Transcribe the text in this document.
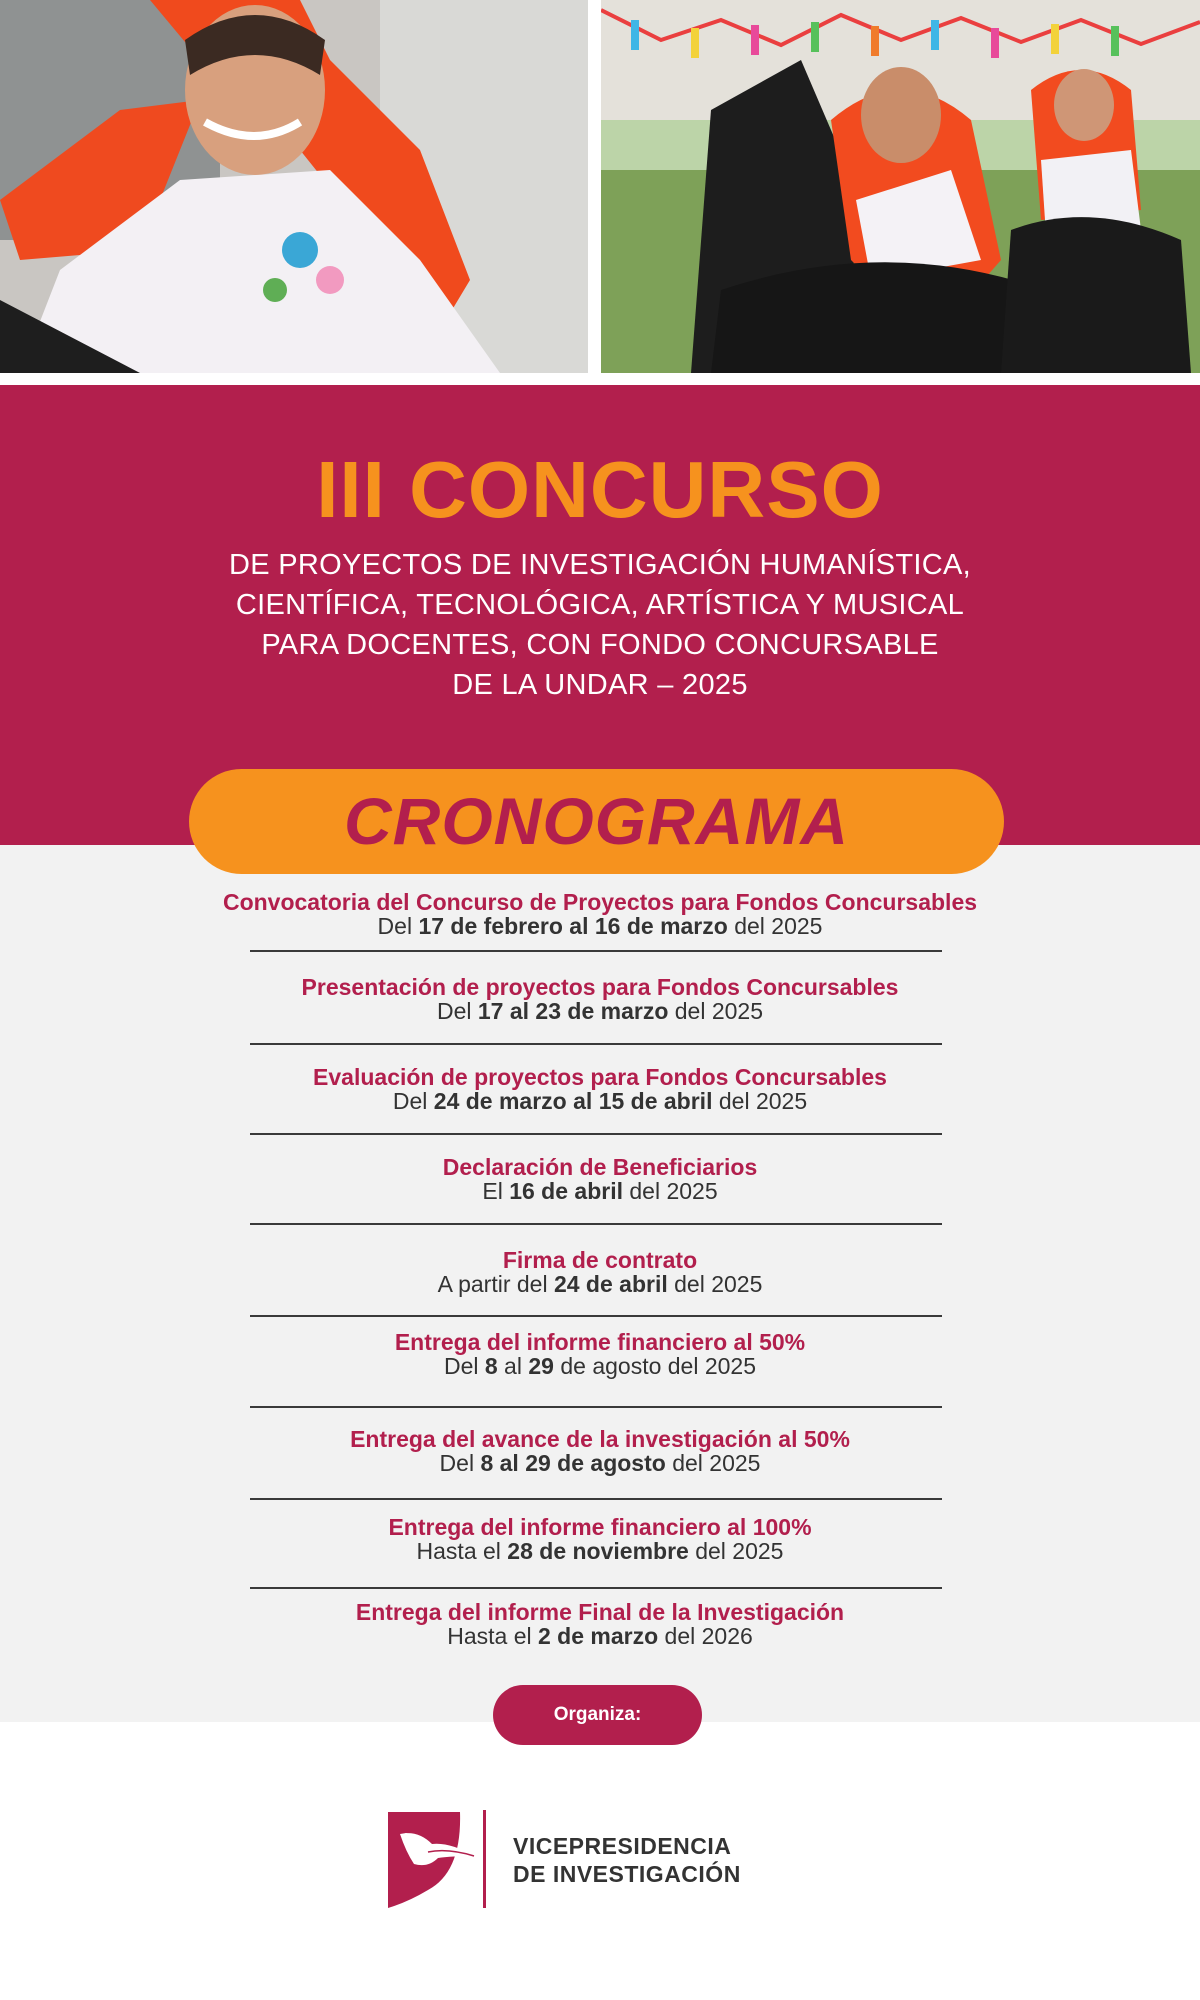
III CONCURSO
DE PROYECTOS DE INVESTIGACIÓN HUMANÍSTICA,
CIENTÍFICA, TECNOLÓGICA, ARTÍSTICA Y MUSICAL
PARA DOCENTES, CON FONDO CONCURSABLE
DE LA UNDAR – 2025
CRONOGRAMA
Convocatoria del Concurso de Proyectos para Fondos Concursables
Del 17 de febrero al 16 de marzo del 2025
Presentación de proyectos para Fondos Concursables
Del 17 al 23 de marzo del 2025
Evaluación de proyectos para Fondos Concursables
Del 24 de marzo al 15 de abril del 2025
Declaración de Beneficiarios
El 16 de abril del 2025
Firma de contrato
A partir del 24 de abril del 2025
Entrega del informe financiero al 50%
Del 8 al 29 de agosto del 2025
Entrega del avance de la investigación al 50%
Del 8 al 29 de agosto del 2025
Entrega del informe financiero al 100%
Hasta el 28 de noviembre del 2025
Entrega del informe Final de la Investigación
Hasta el 2 de marzo del 2026
Organiza:
VICEPRESIDENCIA
DE INVESTIGACIÓN
